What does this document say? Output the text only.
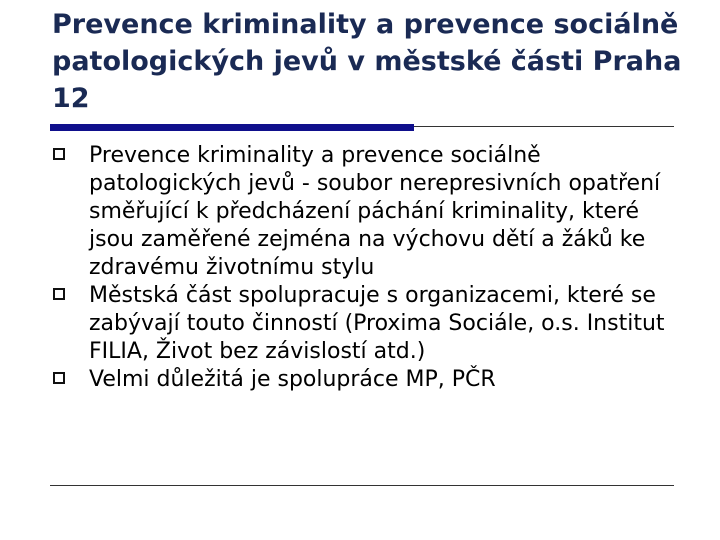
Prevence kriminality a prevence sociálně patologických jevů v městské části Praha 12
Prevence kriminality a prevence sociálně patologických jevů - soubor nerepresivních opatření směřující k předcházení páchání kriminality, které jsou zaměřené zejména na výchovu dětí a žáků ke zdravému životnímu stylu
Městská část spolupracuje s organizacemi, které se zabývají touto činností (Proxima Sociále, o.s. Institut FILIA, Život bez závislostí atd.)
Velmi důležitá je spolupráce MP, PČR
